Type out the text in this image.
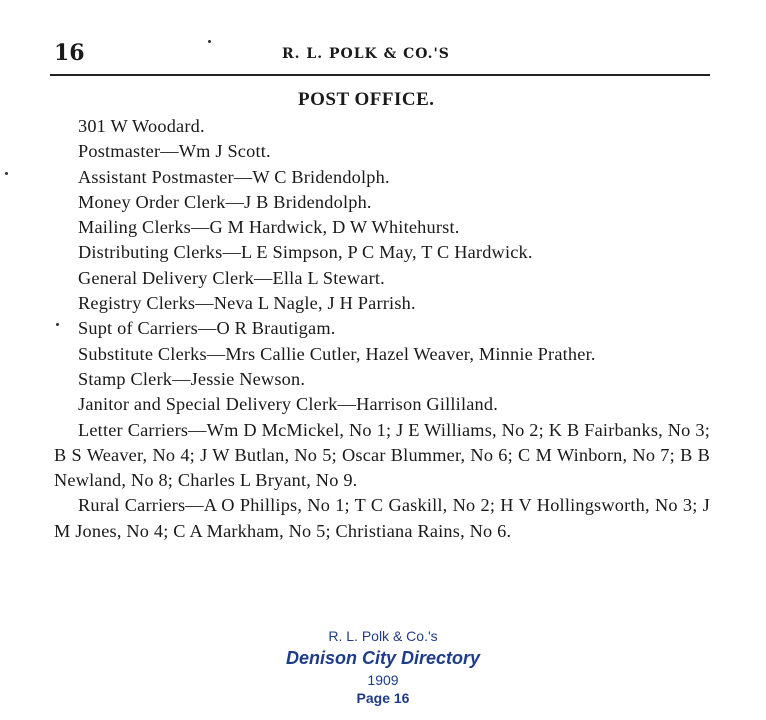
16	R. L. POLK & CO.'S
POST OFFICE.

301 W Woodard.

Postmaster—Wm J Scott.

Assistant Postmaster—W C Bridendolph.

Money Order Clerk—J B Bridendolph.

Mailing Clerks—G M Hardwick, D W Whitehurst.

Distributing Clerks—L E Simpson, P C May, T C Hardwick.

General Delivery Clerk—Ella L Stewart.

Registry Clerks—Neva L Nagle, J H Parrish.

Supt of Carriers—O R Brautigam.

Substitute Clerks—Mrs Callie Cutler, Hazel Weaver, Minnie Prather.

Stamp Clerk—Jessie Newson.

Janitor and Special Delivery Clerk—Harrison Gilliland.

Letter Carriers—Wm D McMickel, No 1; J E Williams, No 2; K B Fairbanks, No 3; B S Weaver, No 4; J W Butlan, No 5; Oscar Blummer, No 6; C M Winborn, No 7; B B Newland, No 8; Charles L Bryant, No 9.

Rural Carriers—A O Phillips, No 1; T C Gaskill, No 2; H V Hollingsworth, No 3; J M Jones, No 4; C A Markham, No 5; Christiana Rains, No 6.

R. L. Polk & Co.'s
Denison City Directory
1909
Page 16
